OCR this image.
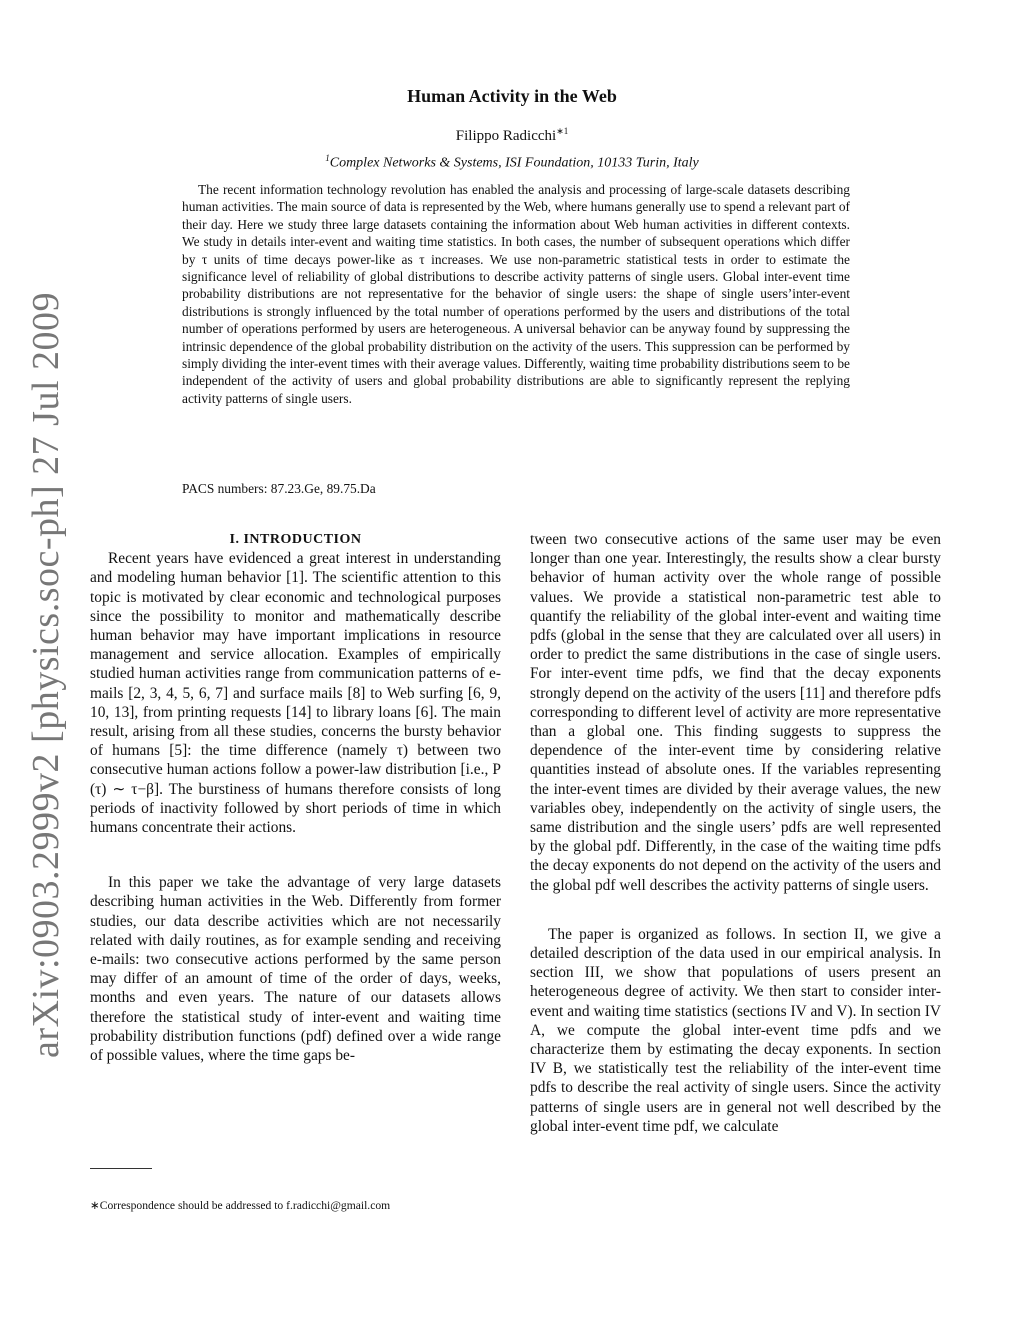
arXiv:0903.2999v2 [physics.soc-ph] 27 Jul 2009
Human Activity in the Web
Filippo Radicchi$^{∗1}$
$^1$Complex Networks & Systems, ISI Foundation, 10133 Turin, Italy
The recent information technology revolution has enabled the analysis and processing of large-scale datasets describing human activities. The main source of data is represented by the Web, where humans generally use to spend a relevant part of their day. Here we study three large datasets containing the information about Web human activities in different contexts. We study in details inter-event and waiting time statistics. In both cases, the number of subsequent operations which differ by τ units of time decays power-like as τ increases. We use non-parametric statistical tests in order to estimate the significance level of reliability of global distributions to describe activity patterns of single users. Global inter-event time probability distributions are not representative for the behavior of single users: the shape of single users’inter-event distributions is strongly influenced by the total number of operations performed by the users and distributions of the total number of operations performed by users are heterogeneous. A universal behavior can be anyway found by suppressing the intrinsic dependence of the global probability distribution on the activity of the users. This suppression can be performed by simply dividing the inter-event times with their average values. Differently, waiting time probability distributions seem to be independent of the activity of users and global probability distributions are able to significantly represent the replying activity patterns of single users.
PACS numbers: 87.23.Ge, 89.75.Da

I. INTRODUCTION

Recent years have evidenced a great interest in understanding and modeling human behavior [1]. The scientific attention to this topic is motivated by clear economic and technological purposes since the possibility to monitor and mathematically describe human behavior may have important implications in resource management and service allocation. Examples of empirically studied human activities range from communication patterns of e-mails [2, 3, 4, 5, 6, 7] and surface mails [8] to Web surfing [6, 9, 10, 13], from printing requests [14] to library loans [6]. The main result, arising from all these studies, concerns the bursty behavior of humans [5]: the time difference (namely τ) between two consecutive human actions follow a power-law distribution [i.e., P (τ) ∼ τ−β]. The burstiness of humans therefore consists of long periods of inactivity followed by short periods of time in which humans concentrate their actions.

In this paper we take the advantage of very large datasets describing human activities in the Web. Differently from former studies, our data describe activities which are not necessarily related with daily routines, as for example sending and receiving e-mails: two consecutive actions performed by the same person may differ of an amount of time of the order of days, weeks, months and even years. The nature of our datasets allows therefore the statistical study of inter-event and waiting time probability distribution functions (pdf) defined over a wide range of possible values, where the time gaps be-

tween two consecutive actions of the same user may be even longer than one year. Interestingly, the results show a clear bursty behavior of human activity over the whole range of possible values. We provide a statistical non-parametric test able to quantify the reliability of the global inter-event and waiting time pdfs (global in the sense that they are calculated over all users) in order to predict the same distributions in the case of single users. For inter-event time pdfs, we find that the decay exponents strongly depend on the activity of the users [11] and therefore pdfs corresponding to different level of activity are more representative than a global one. This finding suggests to suppress the dependence of the inter-event time by considering relative quantities instead of absolute ones. If the variables representing the inter-event times are divided by their average values, the new variables obey, independently on the activity of single users, the same distribution and the single users’ pdfs are well represented by the global pdf. Differently, in the case of the waiting time pdfs the decay exponents do not depend on the activity of the users and the global pdf well describes the activity patterns of single users.

The paper is organized as follows. In section II, we give a detailed description of the data used in our empirical analysis. In section III, we show that populations of users present an heterogeneous degree of activity. We then start to consider inter-event and waiting time statistics (sections IV and V). In section IV A, we compute the global inter-event time pdfs and we characterize them by estimating the decay exponents. In section IV B, we statistically test the reliability of the inter-event time pdfs to describe the real activity of single users. Since the activity patterns of single users are in general not well described by the global inter-event time pdf, we calculate

∗Correspondence should be addressed to f.radicchi@gmail.com
